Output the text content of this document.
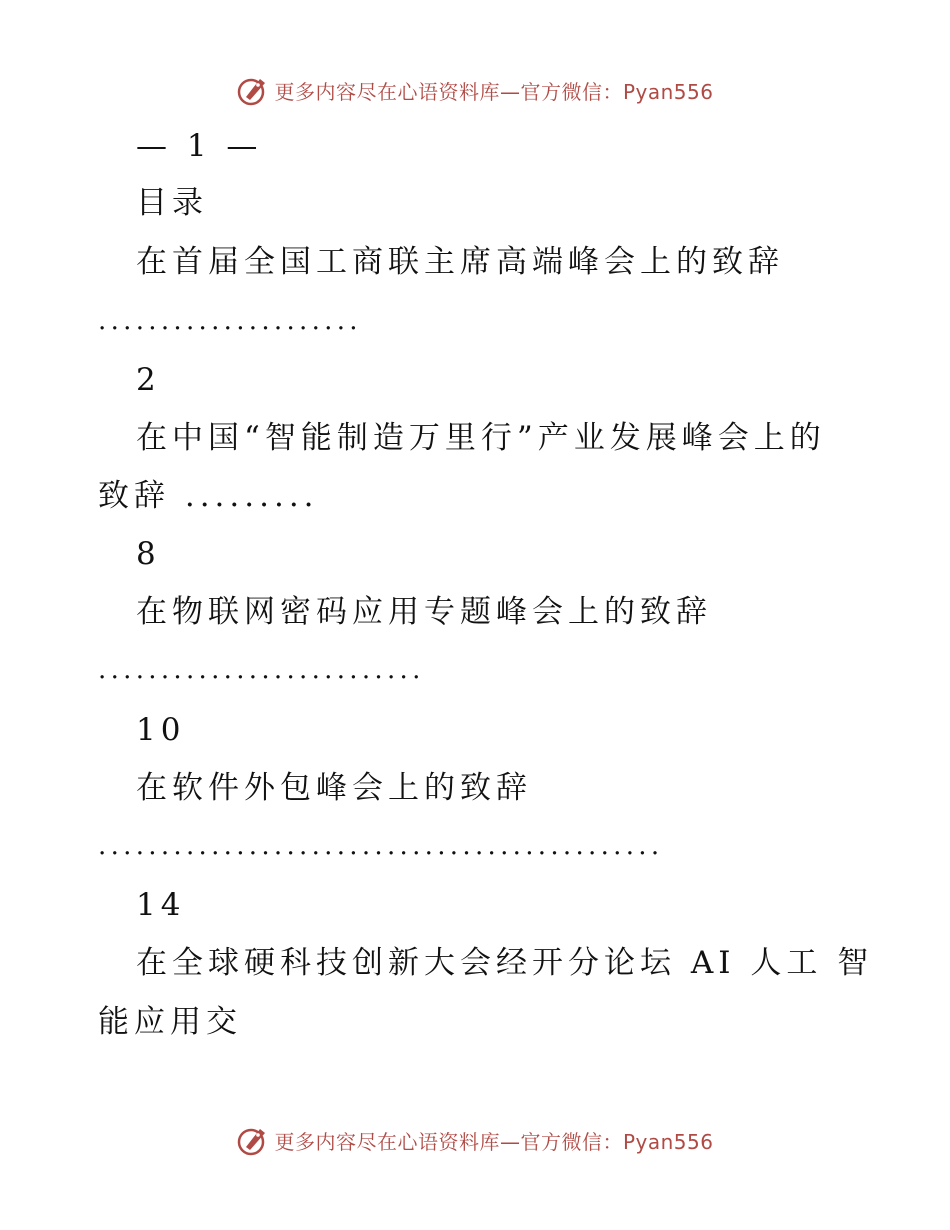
更多内容尽在心语资料库—官方微信：Pyan556
— 1 —
目录
在首届全国工商联主席高端峰会上的致辞
.....................
2
在中国“智能制造万里行”产业发展峰会上的
致辞 .........
8
在物联网密码应用专题峰会上的致辞
..........................
10
在软件外包峰会上的致辞
.............................................
14
在全球硬科技创新大会经开分论坛 AI 人工 智
能应用交
更多内容尽在心语资料库—官方微信：Pyan556
